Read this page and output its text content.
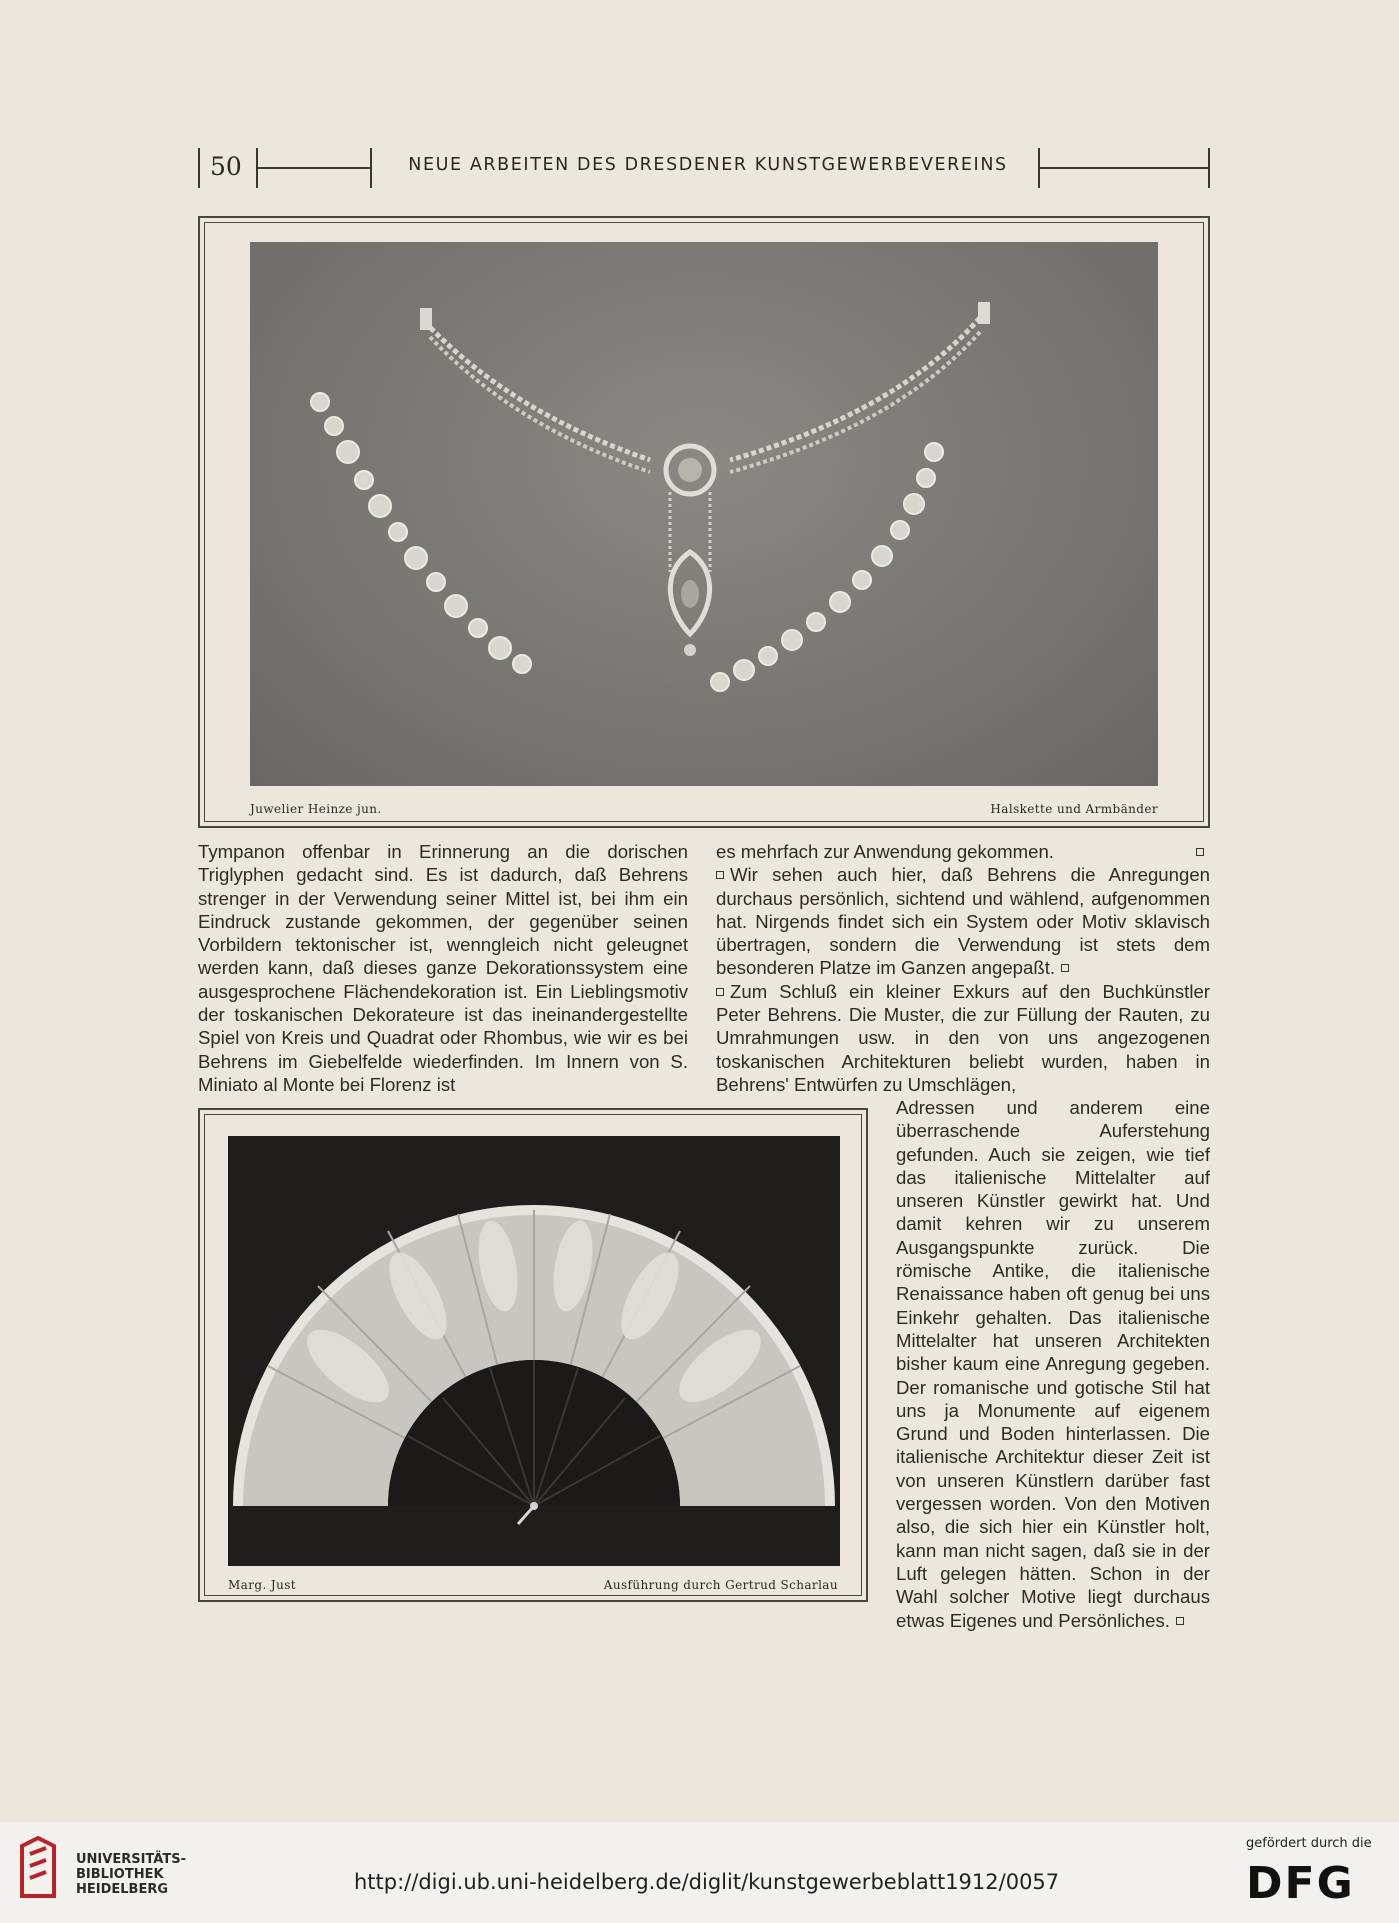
50	NEUE ARBEITEN DES DRESDENER KUNSTGEWERBEVEREINS
Juwelier Heinze jun.	Halskette und Armbänder

Tympanon offenbar in Erinnerung an die dorischen Triglyphen gedacht sind. Es ist dadurch, daß Behrens strenger in der Verwendung seiner Mittel ist, bei ihm ein Eindruck zustande gekommen, der gegenüber seinen Vorbildern tektonischer ist, wenngleich nicht geleugnet werden kann, daß dieses ganze Dekorationssystem eine ausgesprochene Flächendekoration ist. Ein Lieblingsmotiv der toskanischen Dekorateure ist das ineinandergestellte Spiel von Kreis und Quadrat oder Rhombus, wie wir es bei Behrens im Giebelfelde wiederfinden. Im Innern von S. Miniato al Monte bei Florenz ist

es mehrfach zur Anwendung gekommen.

Wir sehen auch hier, daß Behrens die Anregungen durchaus persönlich, sichtend und wählend, aufgenommen hat. Nirgends findet sich ein System oder Motiv sklavisch übertragen, sondern die Verwendung ist stets dem besonderen Platze im Ganzen angepaßt.

Zum Schluß ein kleiner Exkurs auf den Buchkünstler Peter Behrens. Die Muster, die zur Füllung der Rauten, zu Umrahmungen usw. in den von uns angezogenen toskanischen Architekturen beliebt wurden, haben in Behrens' Entwürfen zu Umschlägen,

Marg. Just	Ausführung durch Gertrud Scharlau

Adressen und anderem eine überraschende Auferstehung gefunden. Auch sie zeigen, wie tief das italienische Mittelalter auf unseren Künstler gewirkt hat. Und damit kehren wir zu unserem Ausgangspunkte zurück. Die römische Antike, die italienische Renaissance haben oft genug bei uns Einkehr gehalten. Das italienische Mittelalter hat unseren Architekten bisher kaum eine Anregung gegeben. Der romanische und gotische Stil hat uns ja Monumente auf eigenem Grund und Boden hinterlassen. Die italienische Architektur dieser Zeit ist von unseren Künstlern darüber fast vergessen worden. Von den Motiven also, die sich hier ein Künstler holt, kann man nicht sagen, daß sie in der Luft gelegen hätten. Schon in der Wahl solcher Motive liegt durchaus etwas Eigenes und Persönliches.

UNIVERSITÄTS-
BIBLIOTHEK
HEIDELBERG	http://digi.ub.uni-heidelberg.de/diglit/kunstgewerbeblatt1912/0057
gefördert durch die
DFG
